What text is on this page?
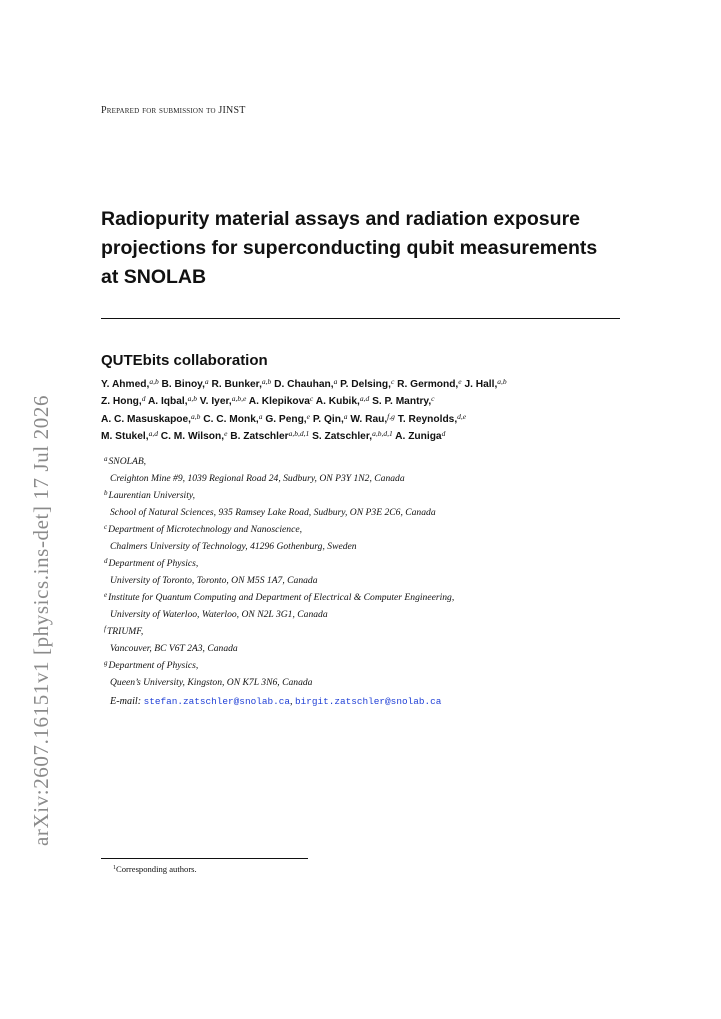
arXiv:2607.16151v1 [physics.ins-det] 17 Jul 2026
Prepared for submission to JINST
Radiopurity material assays and radiation exposure
projections for superconducting qubit measurements
at SNOLAB
QUTEbits collaboration
Y. Ahmed,$^{a,b}$ B. Binoy,$^a$ R. Bunker,$^{a,b}$ D. Chauhan,$^a$ P. Delsing,$^c$ R. Germond,$^e$ J. Hall,$^{a,b}$
Z. Hong,$^d$ A. Iqbal,$^{a,b}$ V. Iyer,$^{a,b,e}$ A. Klepikova$^c$ A. Kubik,$^{a,d}$ S. P. Mantry,$^c$
A. C. Masuskapoe,$^{a,b}$ C. C. Monk,$^a$ G. Peng,$^e$ P. Qin,$^a$ W. Rau,$^{f,g}$ T. Reynolds,$^{d,e}$
M. Stukel,$^{a,d}$ C. M. Wilson,$^e$ B. Zatschler$^{a,b,d,1}$ S. Zatschler,$^{a,b,d,1}$ A. Zuniga$^d$
$^a$SNOLAB,
Creighton Mine #9, 1039 Regional Road 24, Sudbury, ON P3Y 1N2, Canada
$^b$Laurentian University,
School of Natural Sciences, 935 Ramsey Lake Road, Sudbury, ON P3E 2C6, Canada
$^c$Department of Microtechnology and Nanoscience,
Chalmers University of Technology, 41296 Gothenburg, Sweden
$^d$Department of Physics,
University of Toronto, Toronto, ON M5S 1A7, Canada
$^e$Institute for Quantum Computing and Department of Electrical & Computer Engineering,
University of Waterloo, Waterloo, ON N2L 3G1, Canada
$^f$TRIUMF,
Vancouver, BC V6T 2A3, Canada
$^g$Department of Physics,
Queen’s University, Kingston, ON K7L 3N6, Canada
E-mail: stefan.zatschler@snolab.ca, birgit.zatschler@snolab.ca
$^1$Corresponding authors.
